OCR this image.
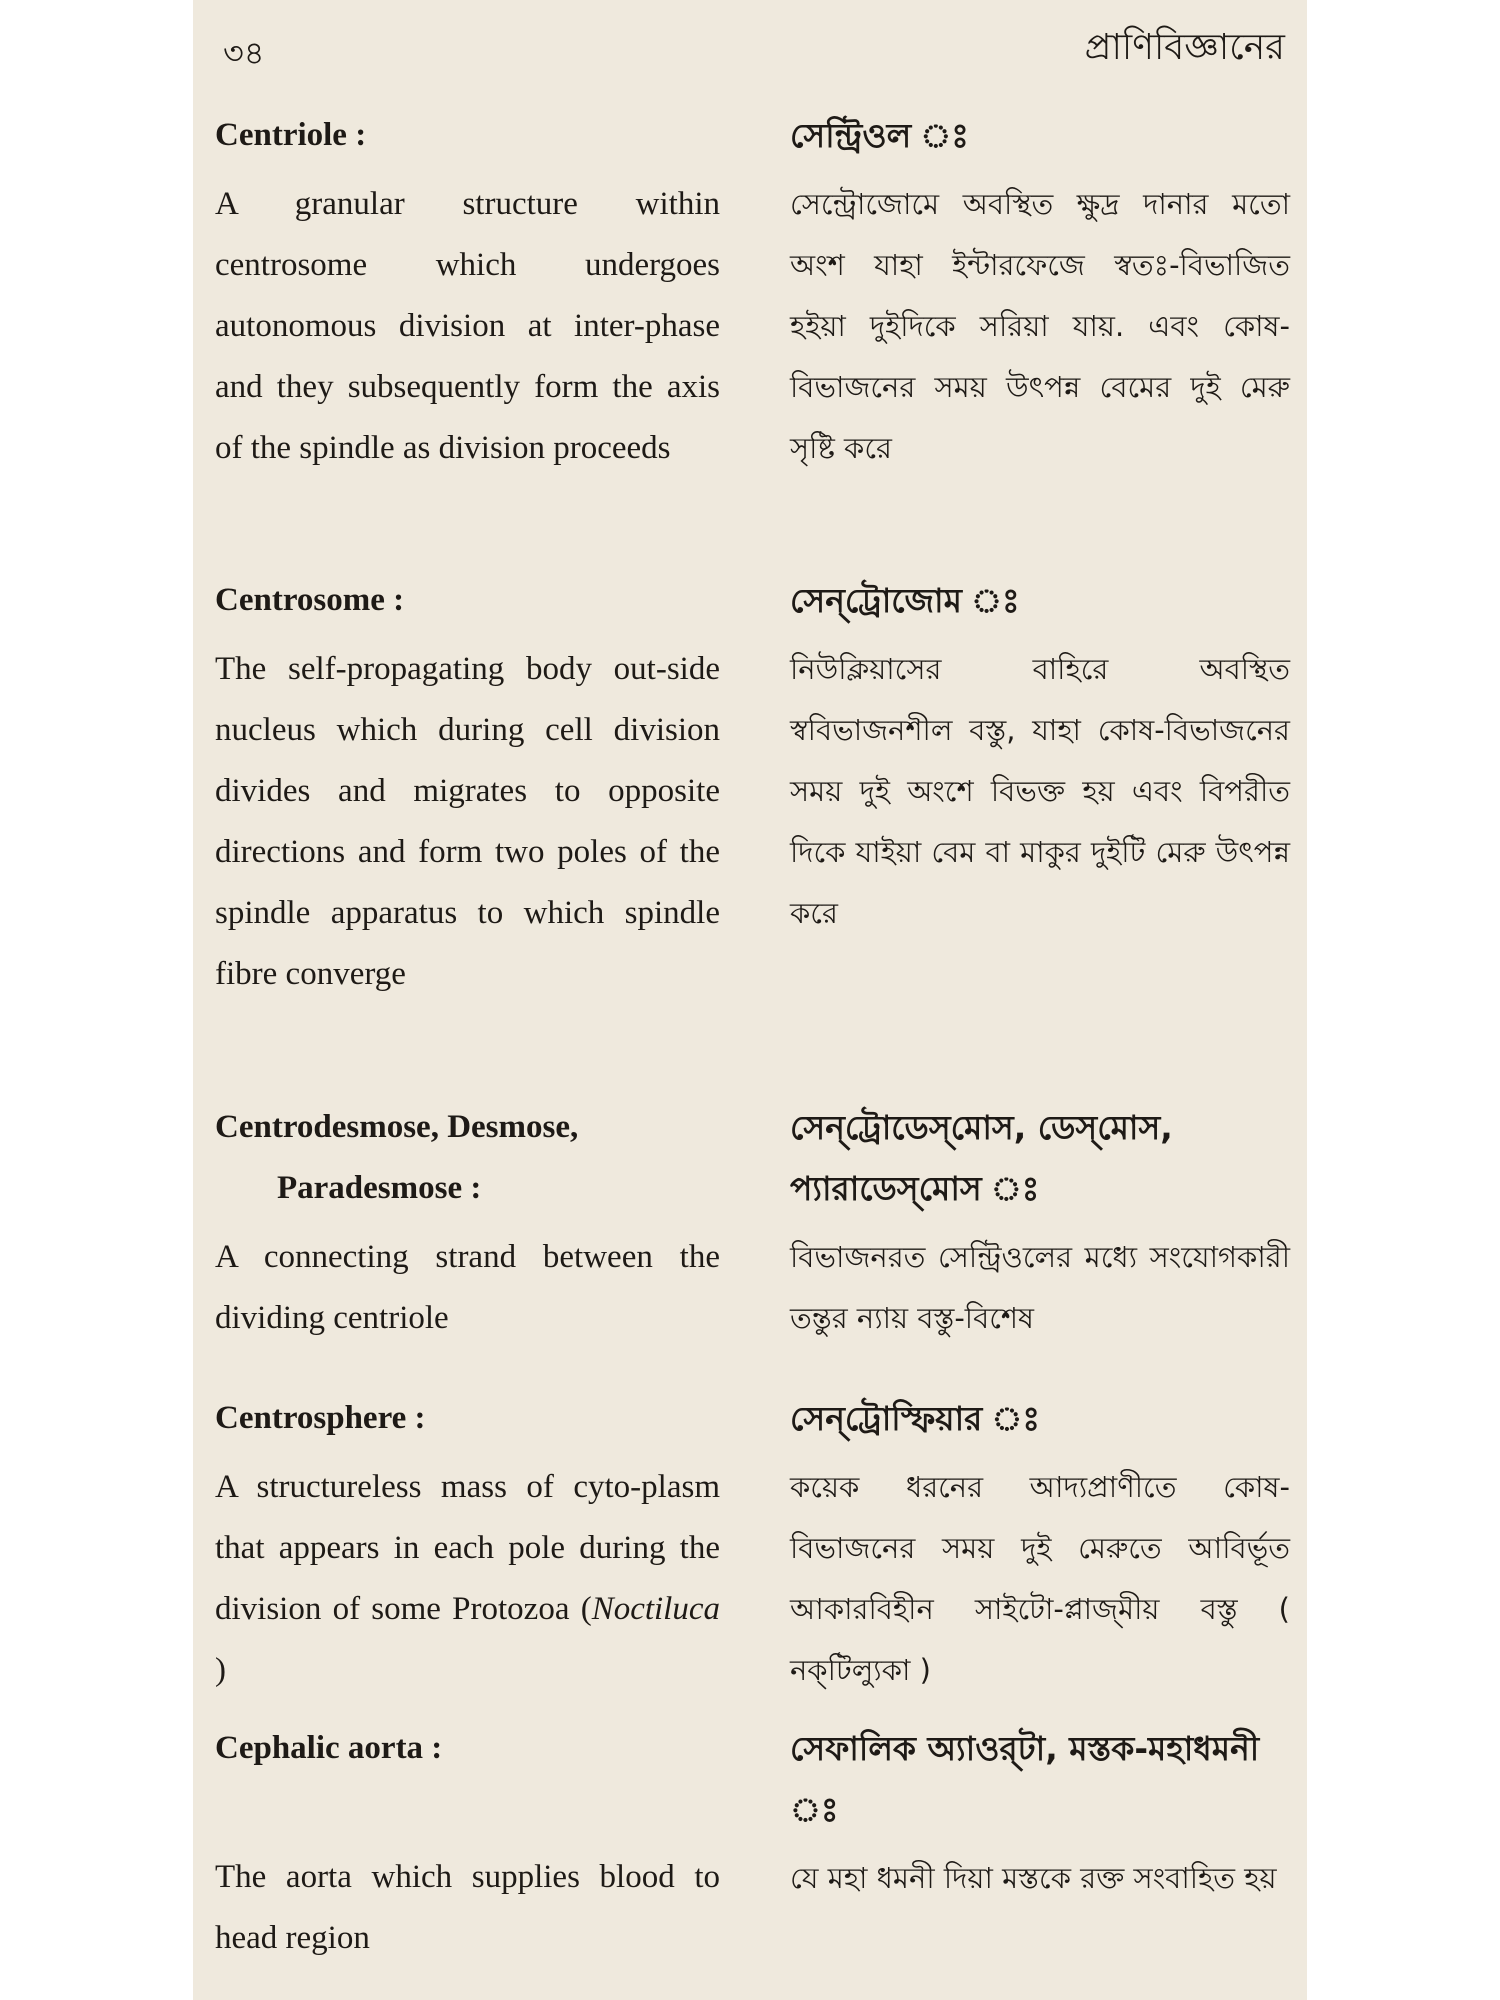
৩৪	প্রাণিবিজ্ঞানের
Centriole :
A granular structure within centrosome which undergoes autonomous division at inter-phase and they subsequently form the axis of the spindle as division proceeds
সেন্ট্রিওল ঃ
সেন্ট্রোজোমে অবস্থিত ক্ষুদ্র দানার মতো অংশ যাহা ইন্টারফেজে স্বতঃ-বিভাজিত হইয়া দুইদিকে সরিয়া যায়. এবং কোষ-বিভাজনের সময় উৎপন্ন বেমের দুই মেরু সৃষ্টি করে
Centrosome :
The self-propagating body out-side nucleus which during cell division divides and migrates to opposite directions and form two poles of the spindle apparatus to which spindle fibre converge
সেন্‌ট্রোজোম ঃ
নিউক্লিয়াসের বাহিরে অবস্থিত স্ববিভাজনশীল বস্তু, যাহা কোষ-বিভাজনের সময় দুই অংশে বিভক্ত হয় এবং বিপরীত দিকে যাইয়া বেম বা মাকুর দুইটি মেরু উৎপন্ন করে
Centrodesmose, Desmose,
Paradesmose :
A connecting strand between the dividing centriole
সেন্‌ট্রোডেস্‌মোস, ডেস্‌মোস,
প্যারাডেস্‌মোস ঃ
বিভাজনরত সেন্ট্রিওলের মধ্যে সংযোগকারী তন্তুর ন্যায় বস্তু-বিশেষ
Centrosphere :
A structureless mass of cyto-plasm that appears in each pole during the division of some Protozoa (Noctiluca )
সেন্‌ট্রোস্ফিয়ার ঃ
কয়েক ধরনের আদ্যপ্রাণীতে কোষ-বিভাজনের সময় দুই মেরুতে আবির্ভূত আকারবিহীন সাইটো-প্লাজ্‌মীয় বস্তু ( নক্‌টিল্যুকা )
Cephalic aorta :
The aorta which supplies blood to head region
সেফালিক অ্যাওর্‌টা, মস্তক-মহাধমনী ঃ
যে মহা ধমনী দিয়া মস্তকে রক্ত সংবাহিত হয়
